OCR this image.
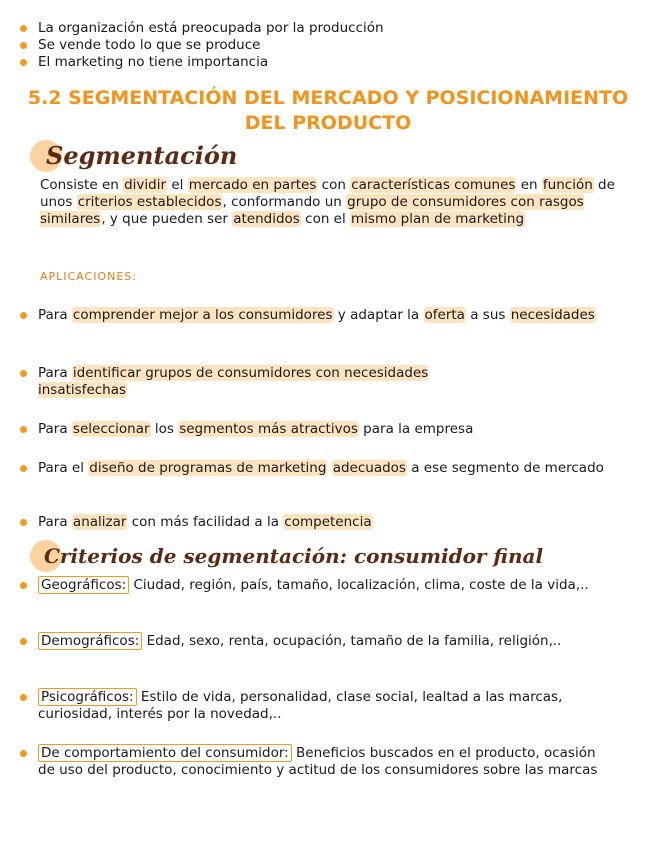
La organización está preocupada por la producción
Se vende todo lo que se produce
El marketing no tiene importancia
5.2 SEGMENTACIÓN DEL MERCADO Y POSICIONAMIENTO
DEL PRODUCTO
Segmentación
Consiste en dividir el mercado en partes con características comunes en función de unos criterios establecidos, conformando un grupo de consumidores con rasgos similares, y que pueden ser atendidos con el mismo plan de marketing
APLICACIONES:
Para comprender mejor a los consumidores y adaptar la oferta a sus necesidades
Para identificar grupos de consumidores con necesidades insatisfechas
Para seleccionar los segmentos más atractivos para la empresa
Para el diseño de programas de marketing adecuados a ese segmento de mercado
Para analizar con más facilidad a la competencia
Criterios de segmentación: consumidor final
Geográficos: Ciudad, región, país, tamaño, localización, clima, coste de la vida,..
Demográficos: Edad, sexo, renta, ocupación, tamaño de la familia, religión,..
Psicográficos: Estilo de vida, personalidad, clase social, lealtad a las marcas, curiosidad, interés por la novedad,..
De comportamiento del consumidor: Beneficios buscados en el producto, ocasión de uso del producto, conocimiento y actitud de los consumidores sobre las marcas
